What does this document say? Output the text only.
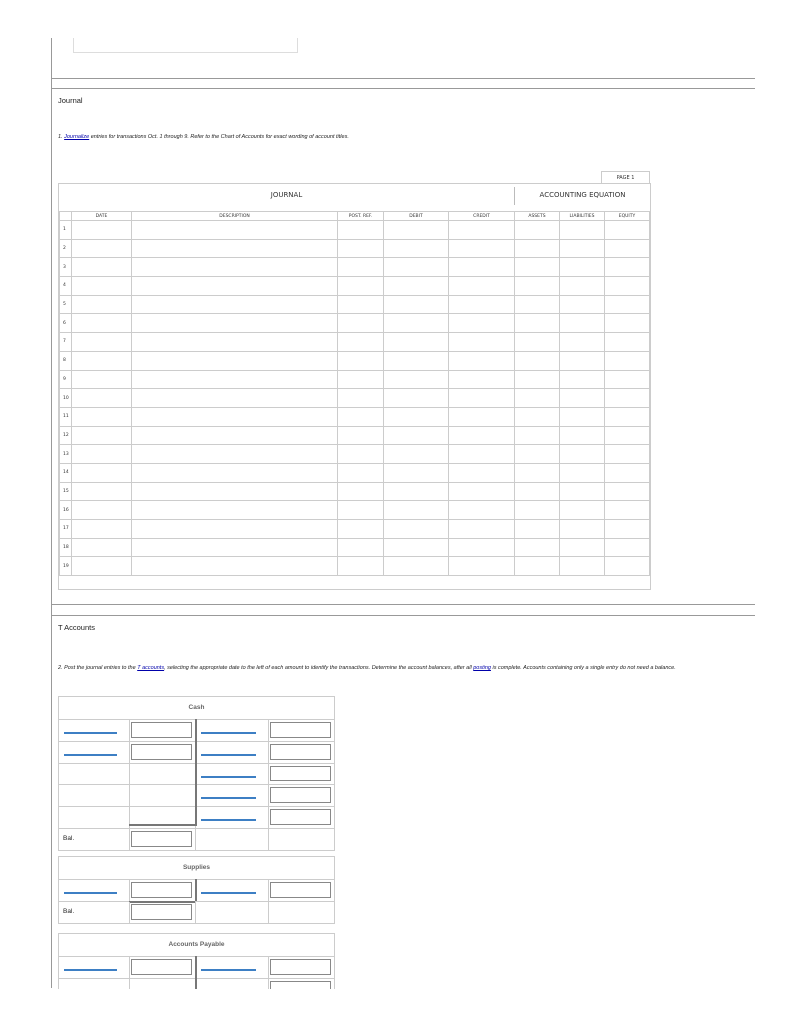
Journal
1. Journalize entries for transactions Oct. 1 through 9. Refer to the Chart of Accounts for exact wording of account titles.
PAGE 1
JOURNAL	ACCOUNTING EQUATION
	DATE	DESCRIPTION	POST. REF.	DEBIT	CREDIT	ASSETS	LIABILITIES	EQUITY
1								
2								
3								
4								
5								
6								
7								
8								
9								
10								
11								
12								
13								
14								
15								
16								
17								
18								
19								
T Accounts
2. Post the journal entries to the T accounts, selecting the appropriate date to the left of each amount to identify the transactions. Determine the account balances, after all posting is complete. Accounts containing only a single entry do not need a balance.
Cash
Bal.
Supplies
Bal.
Accounts Payable
